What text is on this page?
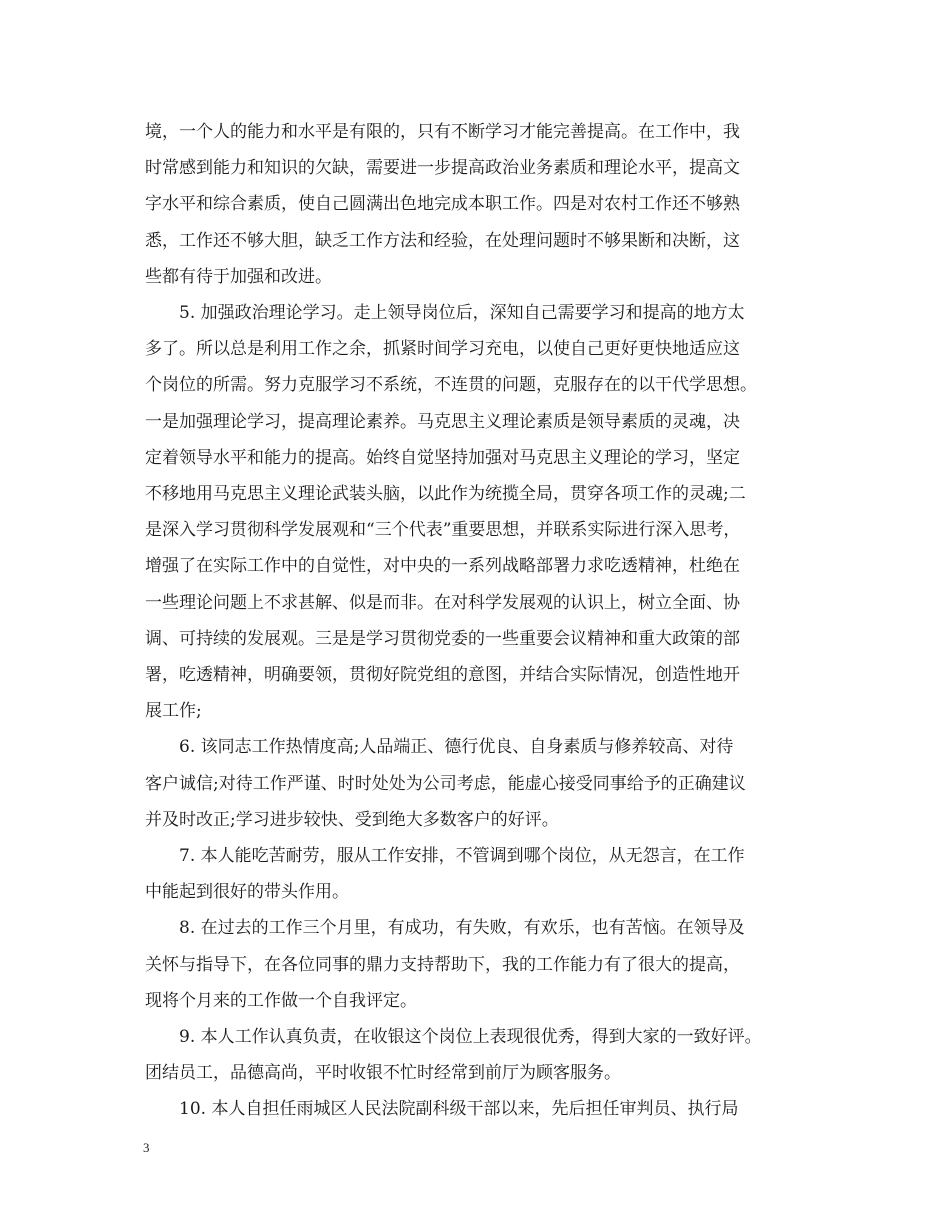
境，一个人的能力和水平是有限的，只有不断学习才能完善提高。在工作中，我
时常感到能力和知识的欠缺，需要进一步提高政治业务素质和理论水平，提高文
字水平和综合素质，使自己圆满出色地完成本职工作。四是对农村工作还不够熟
悉，工作还不够大胆，缺乏工作方法和经验，在处理问题时不够果断和决断，这
些都有待于加强和改进。
5. 加强政治理论学习。走上领导岗位后，深知自己需要学习和提高的地方太
多了。所以总是利用工作之余，抓紧时间学习充电，以使自己更好更快地适应这
个岗位的所需。努力克服学习不系统，不连贯的问题，克服存在的以干代学思想。
一是加强理论学习，提高理论素养。马克思主义理论素质是领导素质的灵魂，决
定着领导水平和能力的提高。始终自觉坚持加强对马克思主义理论的学习，坚定
不移地用马克思主义理论武装头脑，以此作为统揽全局，贯穿各项工作的灵魂;二
是深入学习贯彻科学发展观和“三个代表”重要思想，并联系实际进行深入思考，
增强了在实际工作中的自觉性，对中央的一系列战略部署力求吃透精神，杜绝在
一些理论问题上不求甚解、似是而非。在对科学发展观的认识上，树立全面、协
调、可持续的发展观。三是是学习贯彻党委的一些重要会议精神和重大政策的部
署，吃透精神，明确要领，贯彻好院党组的意图，并结合实际情况，创造性地开
展工作;
6. 该同志工作热情度高;人品端正、德行优良、自身素质与修养较高、对待
客户诚信;对待工作严谨、时时处处为公司考虑，能虚心接受同事给予的正确建议
并及时改正;学习进步较快、受到绝大多数客户的好评。
7. 本人能吃苦耐劳，服从工作安排，不管调到哪个岗位，从无怨言，在工作
中能起到很好的带头作用。
8. 在过去的工作三个月里，有成功，有失败，有欢乐，也有苦恼。在领导及
关怀与指导下，在各位同事的鼎力支持帮助下，我的工作能力有了很大的提高，
现将个月来的工作做一个自我评定。
9. 本人工作认真负责，在收银这个岗位上表现很优秀，得到大家的一致好评。
团结员工，品德高尚，平时收银不忙时经常到前厅为顾客服务。
10. 本人自担任雨城区人民法院副科级干部以来，先后担任审判员、执行局
3
